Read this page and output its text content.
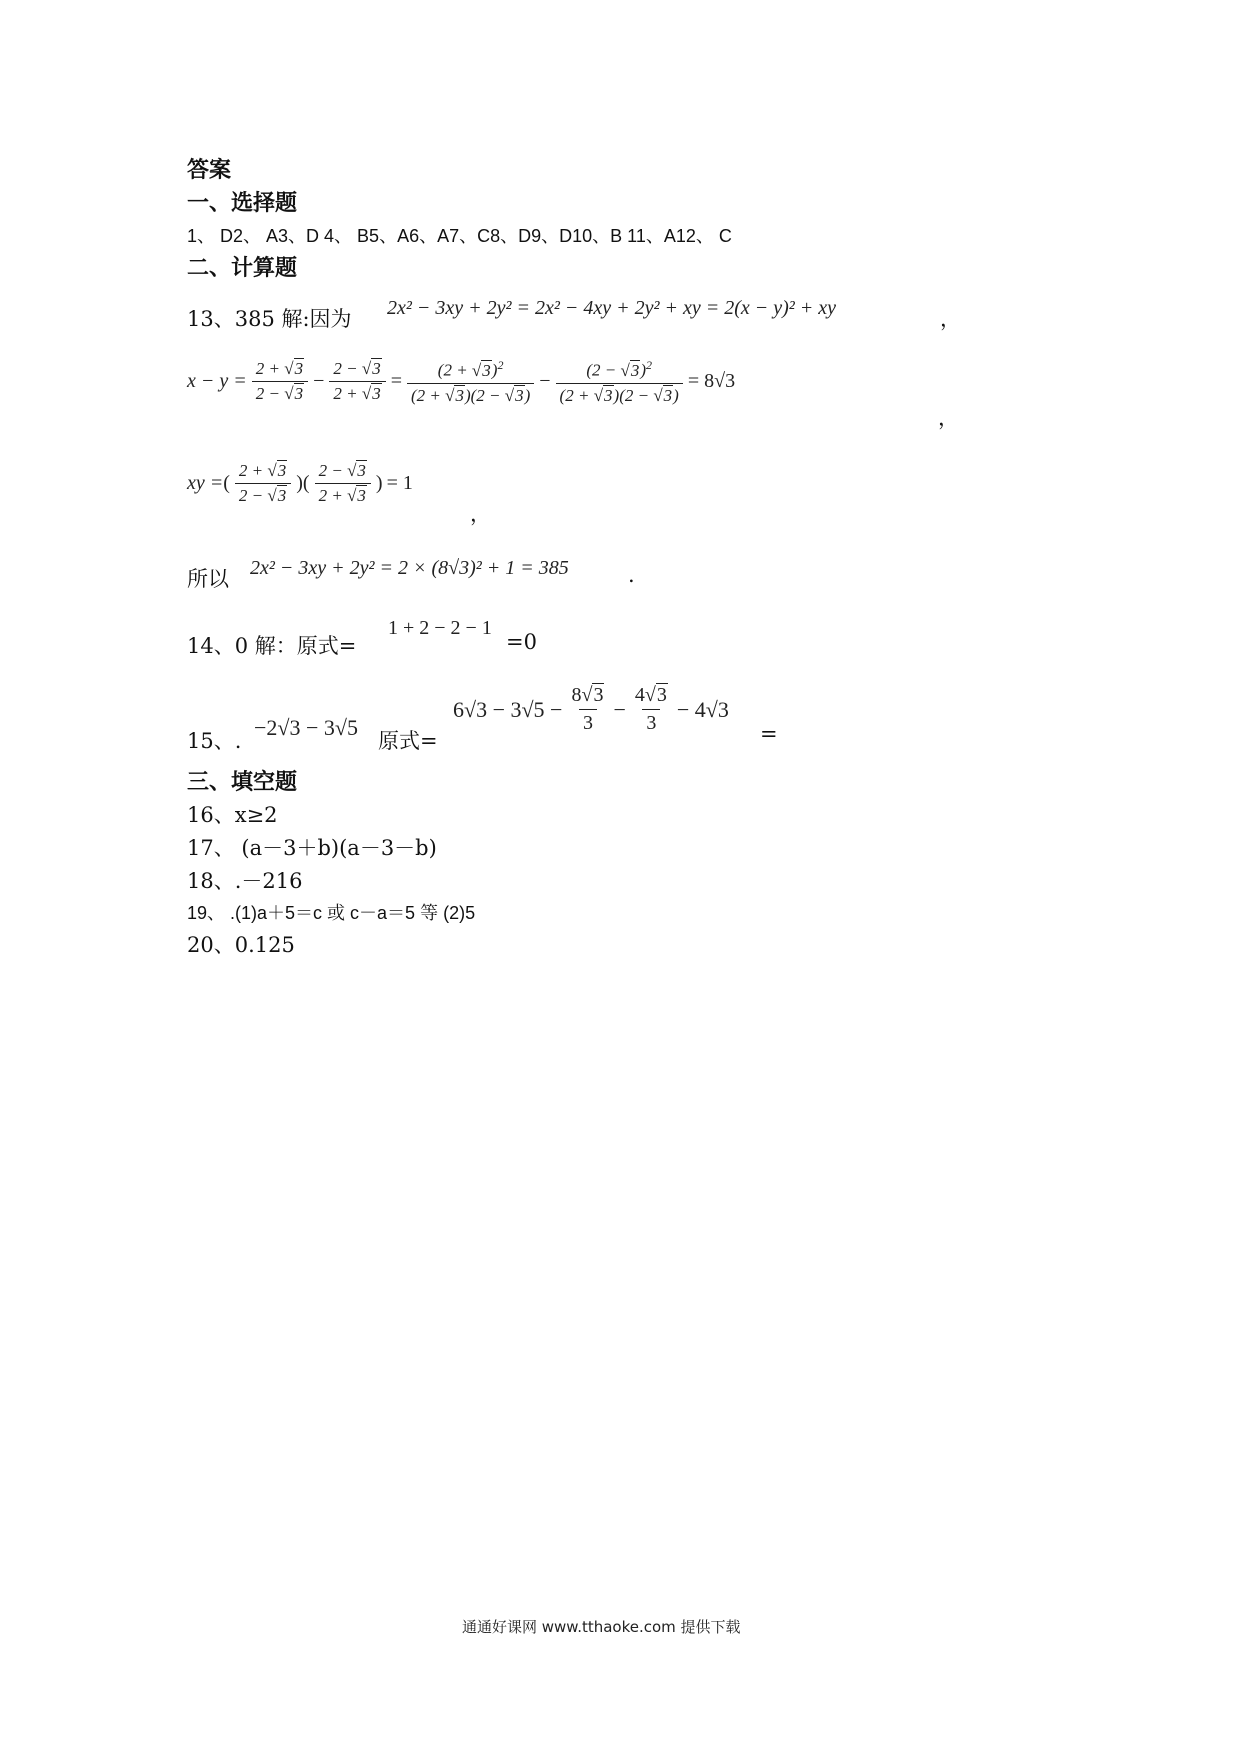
答案
一、选择题
1、 D2、 A3、D 4、 B5、A6、A7、C8、D9、D10、B 11、A12、 C
二、计算题
13、385 解:因为 2x² − 3xy + 2y² = 2x² − 4xy + 2y² + xy = 2(x − y)² + xy	，
$x - y = \frac{2 + √3}{2 - √3} - \frac{2 - √3}{2 + √3} = \frac{(2 + √3)^2}{(2 + √3)(2 - √3)} - \frac{(2 - √3)^2}{(2 + √3)(2 - √3)} = 8√3$
，
xy = ( $\frac{2 + √3}{2 - √3}$ )( $\frac{2 - √3}{2 + √3}$ ) = 1
，
所以 2x² − 3xy + 2y² = 2 × (8√3)² + 1 = 385	.
14、0 解：原式=
1 + 2 − 2 − 1
=0
15、.
−2√3 − 3√5
原式=
$6√3 - 3√5 - \frac{8√3}{3} - \frac{4√3}{3} - 4√3$
=
三、填空题
16、x≥2
17、 (a－3＋b)(a－3－b)
18、.－216
19、 .(1)a＋5＝c 或 c－a＝5 等 (2)5
20、0.125
通通好课网 www.tthaoke.com 提供下载
